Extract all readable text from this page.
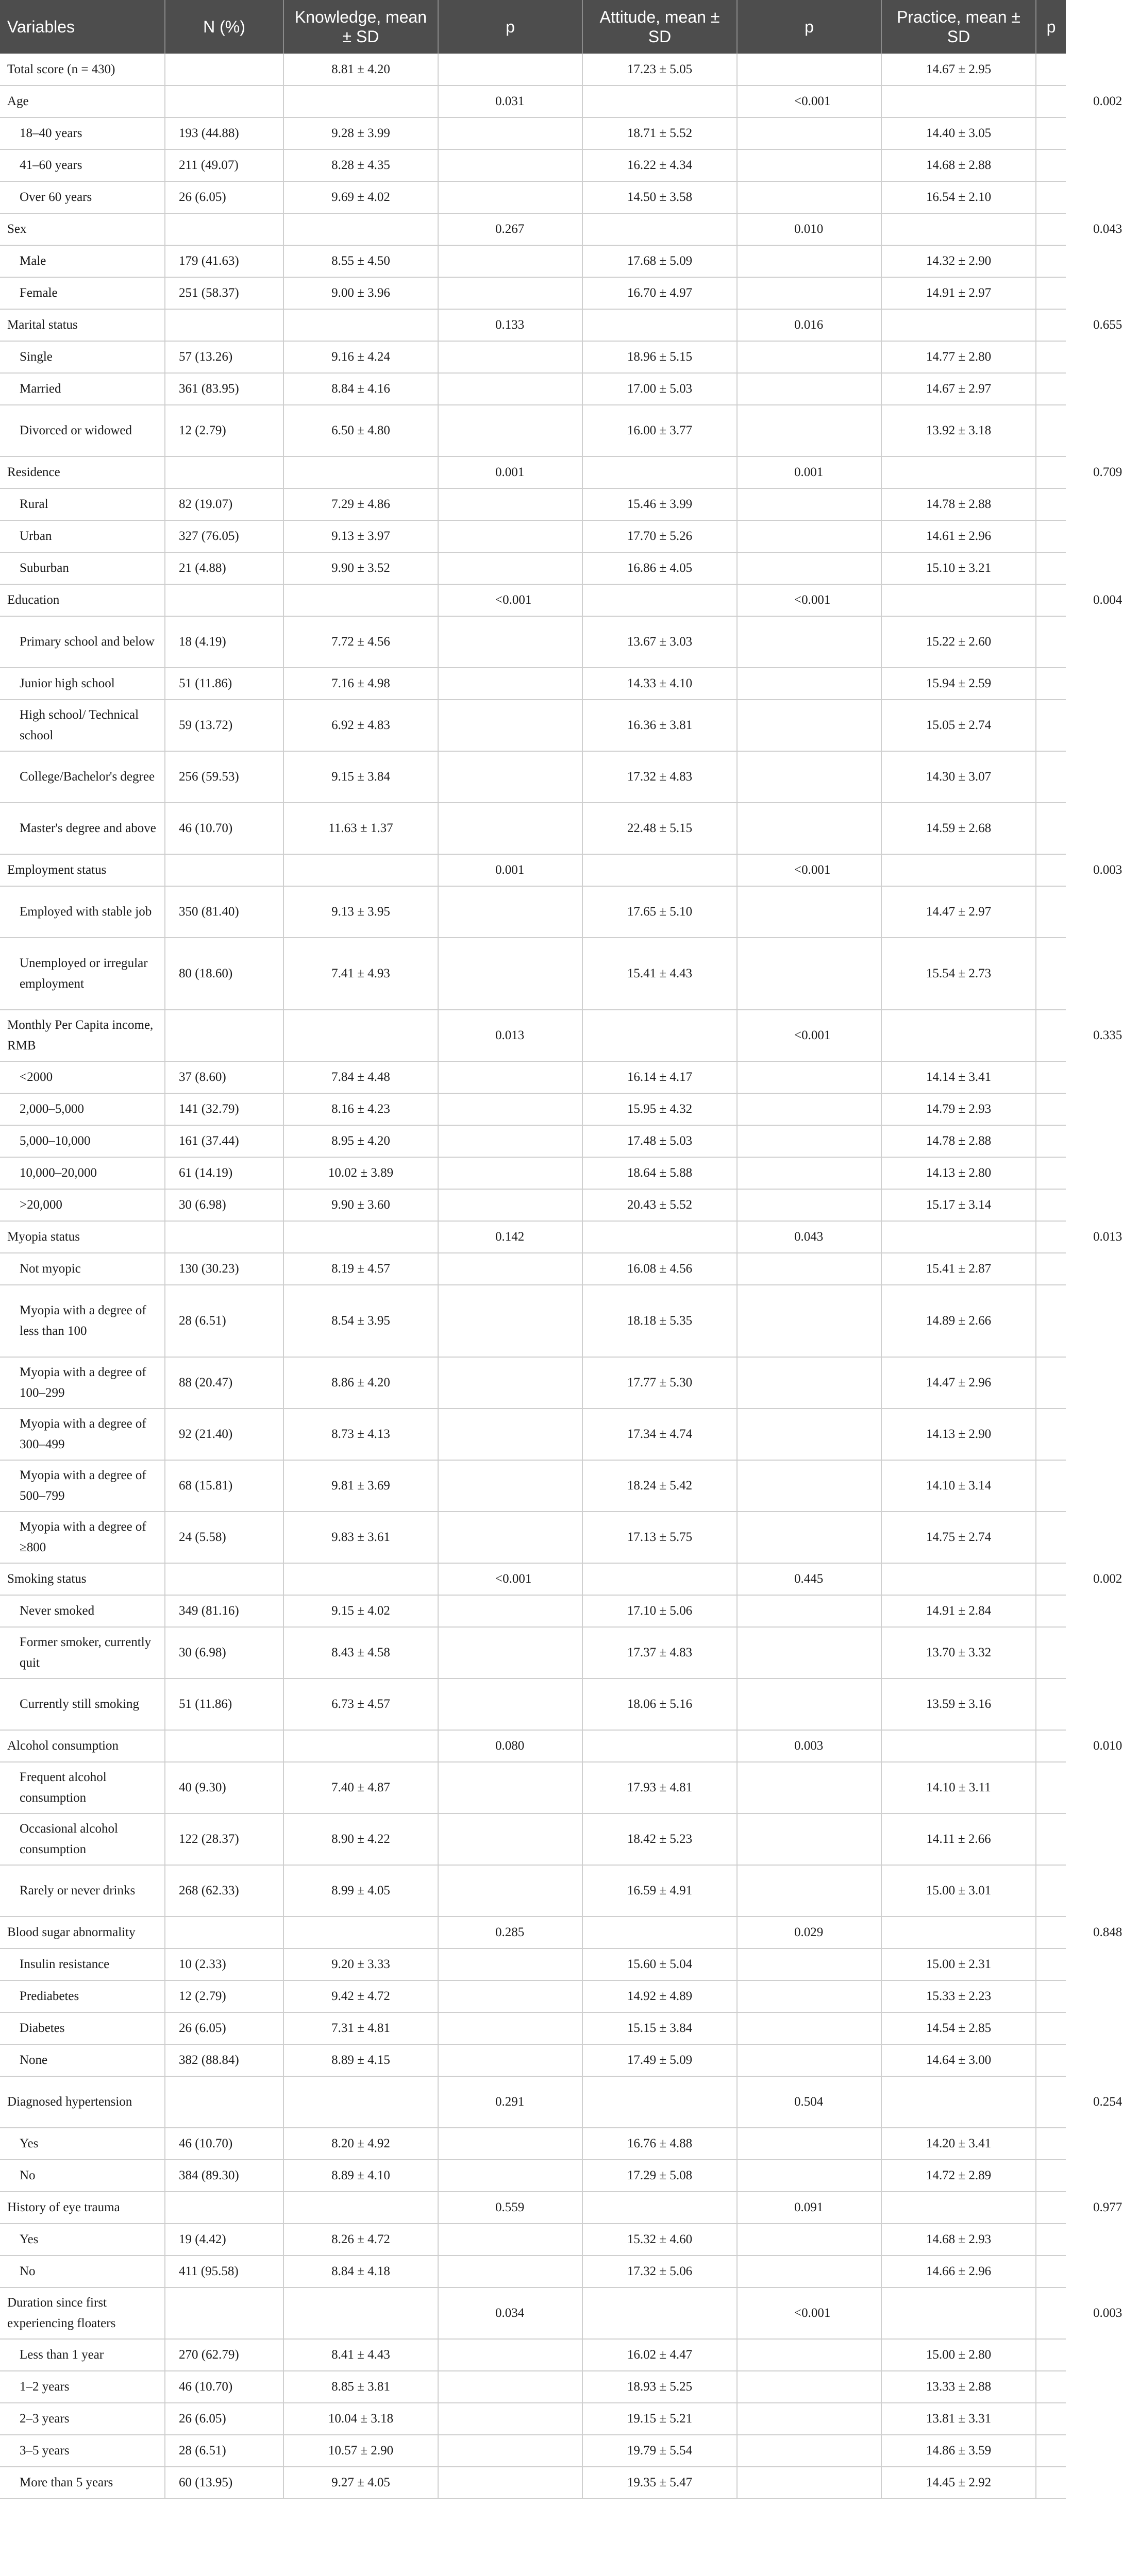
Variables	N (%)	Knowledge, mean ± SD	p	Attitude, mean ± SD	p	Practice, mean ± SD	p
Total score (n = 430)		8.81 ± 4.20		17.23 ± 5.05		14.67 ± 2.95	
Age			0.031		<0.001		0.002
18–40 years	193 (44.88)	9.28 ± 3.99		18.71 ± 5.52		14.40 ± 3.05	
41–60 years	211 (49.07)	8.28 ± 4.35		16.22 ± 4.34		14.68 ± 2.88	
Over 60 years	26 (6.05)	9.69 ± 4.02		14.50 ± 3.58		16.54 ± 2.10	
Sex			0.267		0.010		0.043
Male	179 (41.63)	8.55 ± 4.50		17.68 ± 5.09		14.32 ± 2.90	
Female	251 (58.37)	9.00 ± 3.96		16.70 ± 4.97		14.91 ± 2.97	
Marital status			0.133		0.016		0.655
Single	57 (13.26)	9.16 ± 4.24		18.96 ± 5.15		14.77 ± 2.80	
Married	361 (83.95)	8.84 ± 4.16		17.00 ± 5.03		14.67 ± 2.97	
Divorced or widowed	12 (2.79)	6.50 ± 4.80		16.00 ± 3.77		13.92 ± 3.18	
Residence			0.001		0.001		0.709
Rural	82 (19.07)	7.29 ± 4.86		15.46 ± 3.99		14.78 ± 2.88	
Urban	327 (76.05)	9.13 ± 3.97		17.70 ± 5.26		14.61 ± 2.96	
Suburban	21 (4.88)	9.90 ± 3.52		16.86 ± 4.05		15.10 ± 3.21	
Education			<0.001		<0.001		0.004
Primary school and below	18 (4.19)	7.72 ± 4.56		13.67 ± 3.03		15.22 ± 2.60	
Junior high school	51 (11.86)	7.16 ± 4.98		14.33 ± 4.10		15.94 ± 2.59	
High school/ Technical school	59 (13.72)	6.92 ± 4.83		16.36 ± 3.81		15.05 ± 2.74	
College/Bachelor's degree	256 (59.53)	9.15 ± 3.84		17.32 ± 4.83		14.30 ± 3.07	
Master's degree and above	46 (10.70)	11.63 ± 1.37		22.48 ± 5.15		14.59 ± 2.68	
Employment status			0.001		<0.001		0.003
Employed with stable job	350 (81.40)	9.13 ± 3.95		17.65 ± 5.10		14.47 ± 2.97	
Unemployed or irregular employment	80 (18.60)	7.41 ± 4.93		15.41 ± 4.43		15.54 ± 2.73	
Monthly Per Capita income, RMB			0.013		<0.001		0.335
<2000	37 (8.60)	7.84 ± 4.48		16.14 ± 4.17		14.14 ± 3.41	
2,000–5,000	141 (32.79)	8.16 ± 4.23		15.95 ± 4.32		14.79 ± 2.93	
5,000–10,000	161 (37.44)	8.95 ± 4.20		17.48 ± 5.03		14.78 ± 2.88	
10,000–20,000	61 (14.19)	10.02 ± 3.89		18.64 ± 5.88		14.13 ± 2.80	
>20,000	30 (6.98)	9.90 ± 3.60		20.43 ± 5.52		15.17 ± 3.14	
Myopia status			0.142		0.043		0.013
Not myopic	130 (30.23)	8.19 ± 4.57		16.08 ± 4.56		15.41 ± 2.87	
Myopia with a degree of less than 100	28 (6.51)	8.54 ± 3.95		18.18 ± 5.35		14.89 ± 2.66	
Myopia with a degree of 100–299	88 (20.47)	8.86 ± 4.20		17.77 ± 5.30		14.47 ± 2.96	
Myopia with a degree of 300–499	92 (21.40)	8.73 ± 4.13		17.34 ± 4.74		14.13 ± 2.90	
Myopia with a degree of 500–799	68 (15.81)	9.81 ± 3.69		18.24 ± 5.42		14.10 ± 3.14	
Myopia with a degree of ≥800	24 (5.58)	9.83 ± 3.61		17.13 ± 5.75		14.75 ± 2.74	
Smoking status			<0.001		0.445		0.002
Never smoked	349 (81.16)	9.15 ± 4.02		17.10 ± 5.06		14.91 ± 2.84	
Former smoker, currently quit	30 (6.98)	8.43 ± 4.58		17.37 ± 4.83		13.70 ± 3.32	
Currently still smoking	51 (11.86)	6.73 ± 4.57		18.06 ± 5.16		13.59 ± 3.16	
Alcohol consumption			0.080		0.003		0.010
Frequent alcohol consumption	40 (9.30)	7.40 ± 4.87		17.93 ± 4.81		14.10 ± 3.11	
Occasional alcohol consumption	122 (28.37)	8.90 ± 4.22		18.42 ± 5.23		14.11 ± 2.66	
Rarely or never drinks	268 (62.33)	8.99 ± 4.05		16.59 ± 4.91		15.00 ± 3.01	
Blood sugar abnormality			0.285		0.029		0.848
Insulin resistance	10 (2.33)	9.20 ± 3.33		15.60 ± 5.04		15.00 ± 2.31	
Prediabetes	12 (2.79)	9.42 ± 4.72		14.92 ± 4.89		15.33 ± 2.23	
Diabetes	26 (6.05)	7.31 ± 4.81		15.15 ± 3.84		14.54 ± 2.85	
None	382 (88.84)	8.89 ± 4.15		17.49 ± 5.09		14.64 ± 3.00	
Diagnosed hypertension			0.291		0.504		0.254
Yes	46 (10.70)	8.20 ± 4.92		16.76 ± 4.88		14.20 ± 3.41	
No	384 (89.30)	8.89 ± 4.10		17.29 ± 5.08		14.72 ± 2.89	
History of eye trauma			0.559		0.091		0.977
Yes	19 (4.42)	8.26 ± 4.72		15.32 ± 4.60		14.68 ± 2.93	
No	411 (95.58)	8.84 ± 4.18		17.32 ± 5.06		14.66 ± 2.96	
Duration since first experiencing floaters			0.034		<0.001		0.003
Less than 1 year	270 (62.79)	8.41 ± 4.43		16.02 ± 4.47		15.00 ± 2.80	
1–2 years	46 (10.70)	8.85 ± 3.81		18.93 ± 5.25		13.33 ± 2.88	
2–3 years	26 (6.05)	10.04 ± 3.18		19.15 ± 5.21		13.81 ± 3.31	
3–5 years	28 (6.51)	10.57 ± 2.90		19.79 ± 5.54		14.86 ± 3.59	
More than 5 years	60 (13.95)	9.27 ± 4.05		19.35 ± 5.47		14.45 ± 2.92	
